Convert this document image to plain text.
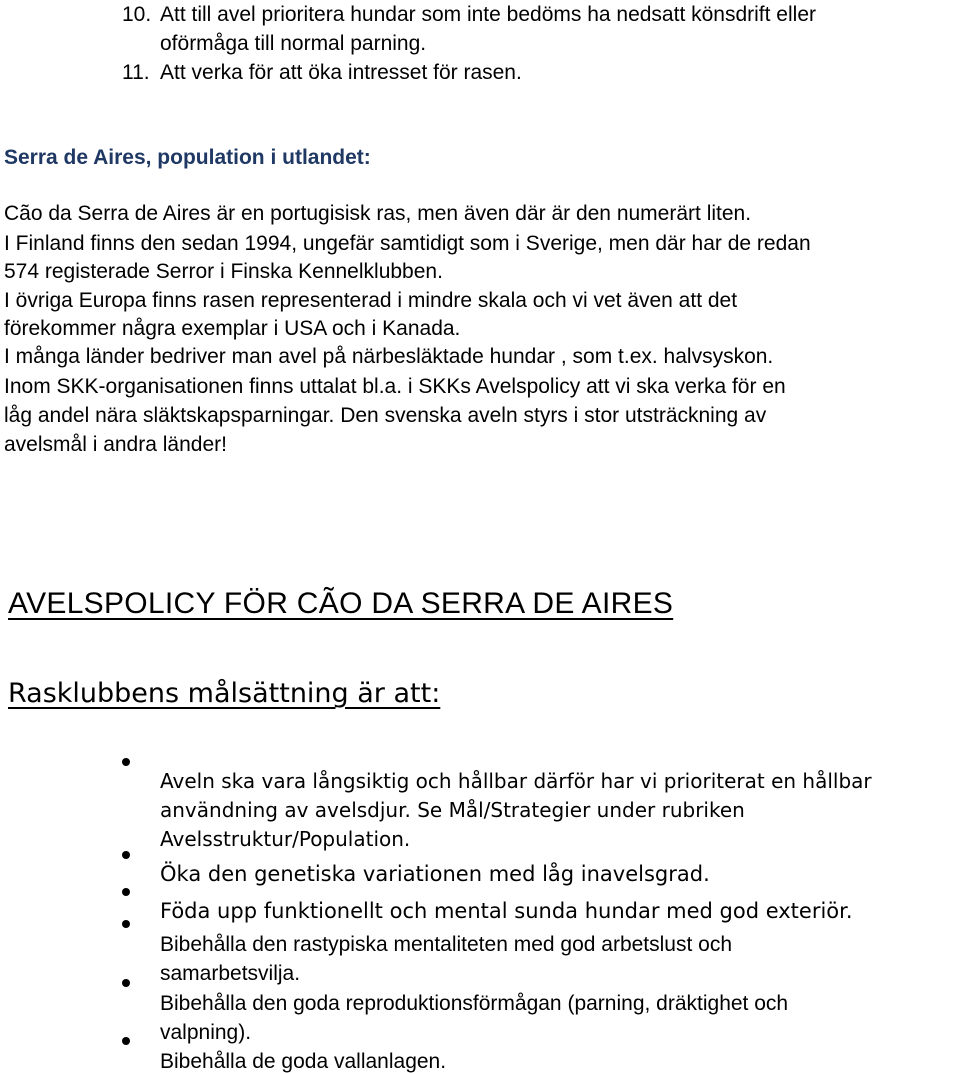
10. Att till avel prioritera hundar som inte bedöms ha nedsatt könsdrift eller

oförmåga till normal parning.

11. Att verka för att öka intresset för rasen.

Serra de Aires, population i utlandet:

Cão da Serra de Aires är en portugisisk ras, men även där är den numerärt liten.

I Finland finns den sedan 1994, ungefär samtidigt som i Sverige, men där har de redan

574 registerade Serror i Finska Kennelklubben.

I övriga Europa finns rasen representerad i mindre skala och vi vet även att det

förekommer några exemplar i USA och i Kanada.

I många länder bedriver man avel på närbesläktade hundar , som t.ex. halvsyskon.

Inom SKK-organisationen finns uttalat bl.a. i SKKs Avelspolicy att vi ska verka för en

låg andel nära släktskapsparningar. Den svenska aveln styrs i stor utsträckning av

avelsmål i andra länder!

AVELSPOLICY FÖR CÃO DA SERRA DE AIRES
Rasklubbens målsättning är att:

Aveln ska vara långsiktig och hållbar därför har vi prioriterat en hållbar

användning av avelsdjur. Se Mål/Strategier under rubriken

Avelsstruktur/Population.

Öka den genetiska variationen med låg inavelsgrad.

Föda upp funktionellt och mental sunda hundar med god exteriör.

Bibehålla den rastypiska mentaliteten med god arbetslust och

samarbetsvilja.

Bibehålla den goda reproduktionsförmågan (parning, dräktighet och

valpning).

Bibehålla de goda vallanlagen.
